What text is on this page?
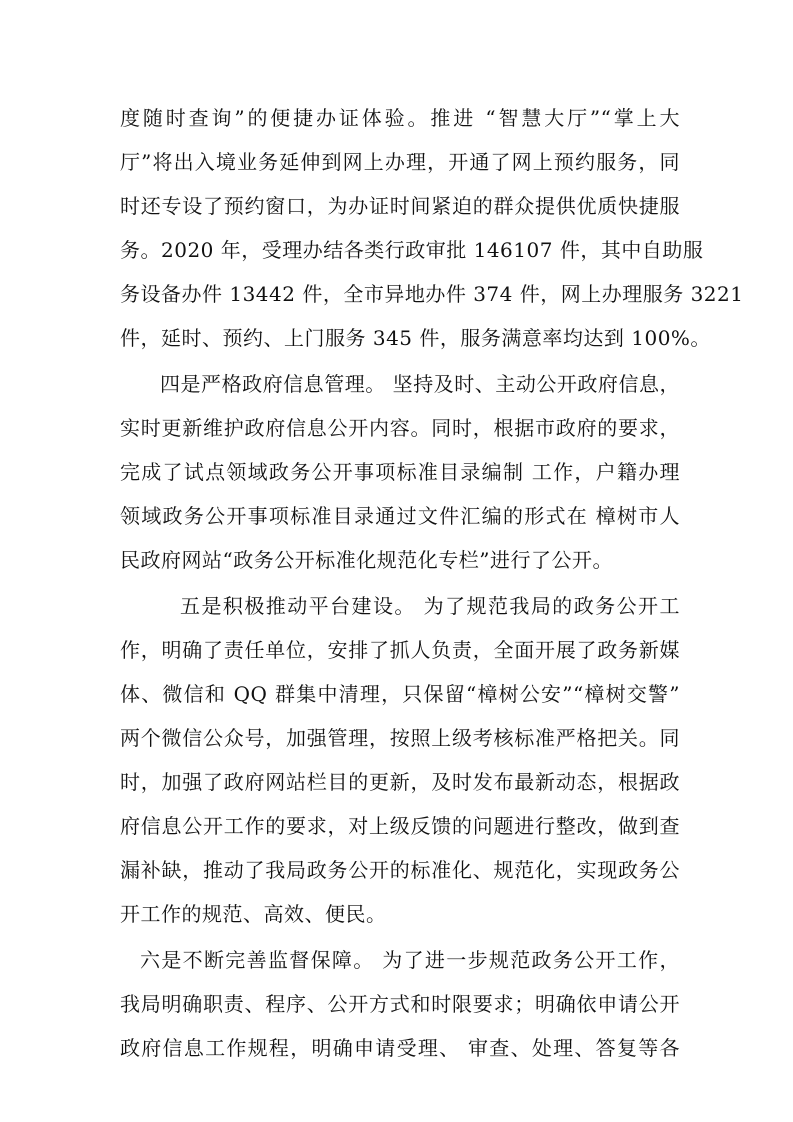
度随时查询”的便捷办证体验。推进 “智慧大厅”“掌上大
厅”将出入境业务延伸到网上办理，开通了网上预约服务，同
时还专设了预约窗口，为办证时间紧迫的群众提供优质快捷服
务。2020 年，受理办结各类行政审批 146107 件，其中自助服
务设备办件 13442 件，全市异地办件 374 件，网上办理服务 3221
件，延时、预约、上门服务 345 件，服务满意率均达到 100%。
四是严格政府信息管理。 坚持及时、主动公开政府信息，
实时更新维护政府信息公开内容。同时，根据市政府的要求，
完成了试点领域政务公开事项标准目录编制 工作，户籍办理
领域政务公开事项标准目录通过文件汇编的形式在 樟树市人
民政府网站“政务公开标准化规范化专栏”进行了公开。
五是积极推动平台建设。 为了规范我局的政务公开工
作，明确了责任单位，安排了抓人负责，全面开展了政务新媒
体、微信和 QQ 群集中清理，只保留“樟树公安”“樟树交警”
两个微信公众号，加强管理，按照上级考核标准严格把关。同
时，加强了政府网站栏目的更新，及时发布最新动态，根据政
府信息公开工作的要求，对上级反馈的问题进行整改，做到查
漏补缺，推动了我局政务公开的标准化、规范化，实现政务公
开工作的规范、高效、便民。
六是不断完善监督保障。 为了进一步规范政务公开工作，
我局明确职责、程序、公开方式和时限要求；明确依申请公开
政府信息工作规程，明确申请受理、 审查、处理、答复等各
